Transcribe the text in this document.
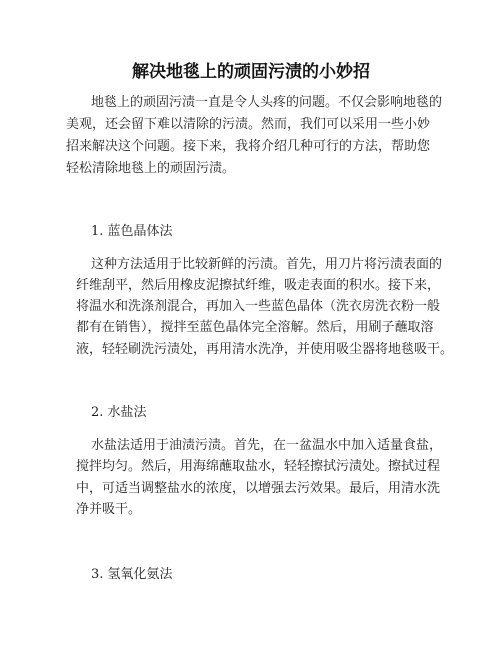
解决地毯上的顽固污渍的小妙招

地毯上的顽固污渍一直是令人头疼的问题。不仅会影响地毯的

美观，还会留下难以清除的污渍。然而，我们可以采用一些小妙

招来解决这个问题。接下来，我将介绍几种可行的方法，帮助您

轻松清除地毯上的顽固污渍。

1. 蓝色晶体法

这种方法适用于比较新鲜的污渍。首先，用刀片将污渍表面的

纤维刮平，然后用橡皮泥擦拭纤维，吸走表面的积水。接下来，

将温水和洗涤剂混合，再加入一些蓝色晶体（洗衣房洗衣粉一般

都有在销售），搅拌至蓝色晶体完全溶解。然后，用刷子蘸取溶

液，轻轻刷洗污渍处，再用清水洗净，并使用吸尘器将地毯吸干。

2. 水盐法

水盐法适用于油渍污渍。首先，在一盆温水中加入适量食盐，

搅拌均匀。然后，用海绵蘸取盐水，轻轻擦拭污渍处。擦拭过程

中，可适当调整盐水的浓度，以增强去污效果。最后，用清水洗

净并吸干。

3. 氢氧化氨法
